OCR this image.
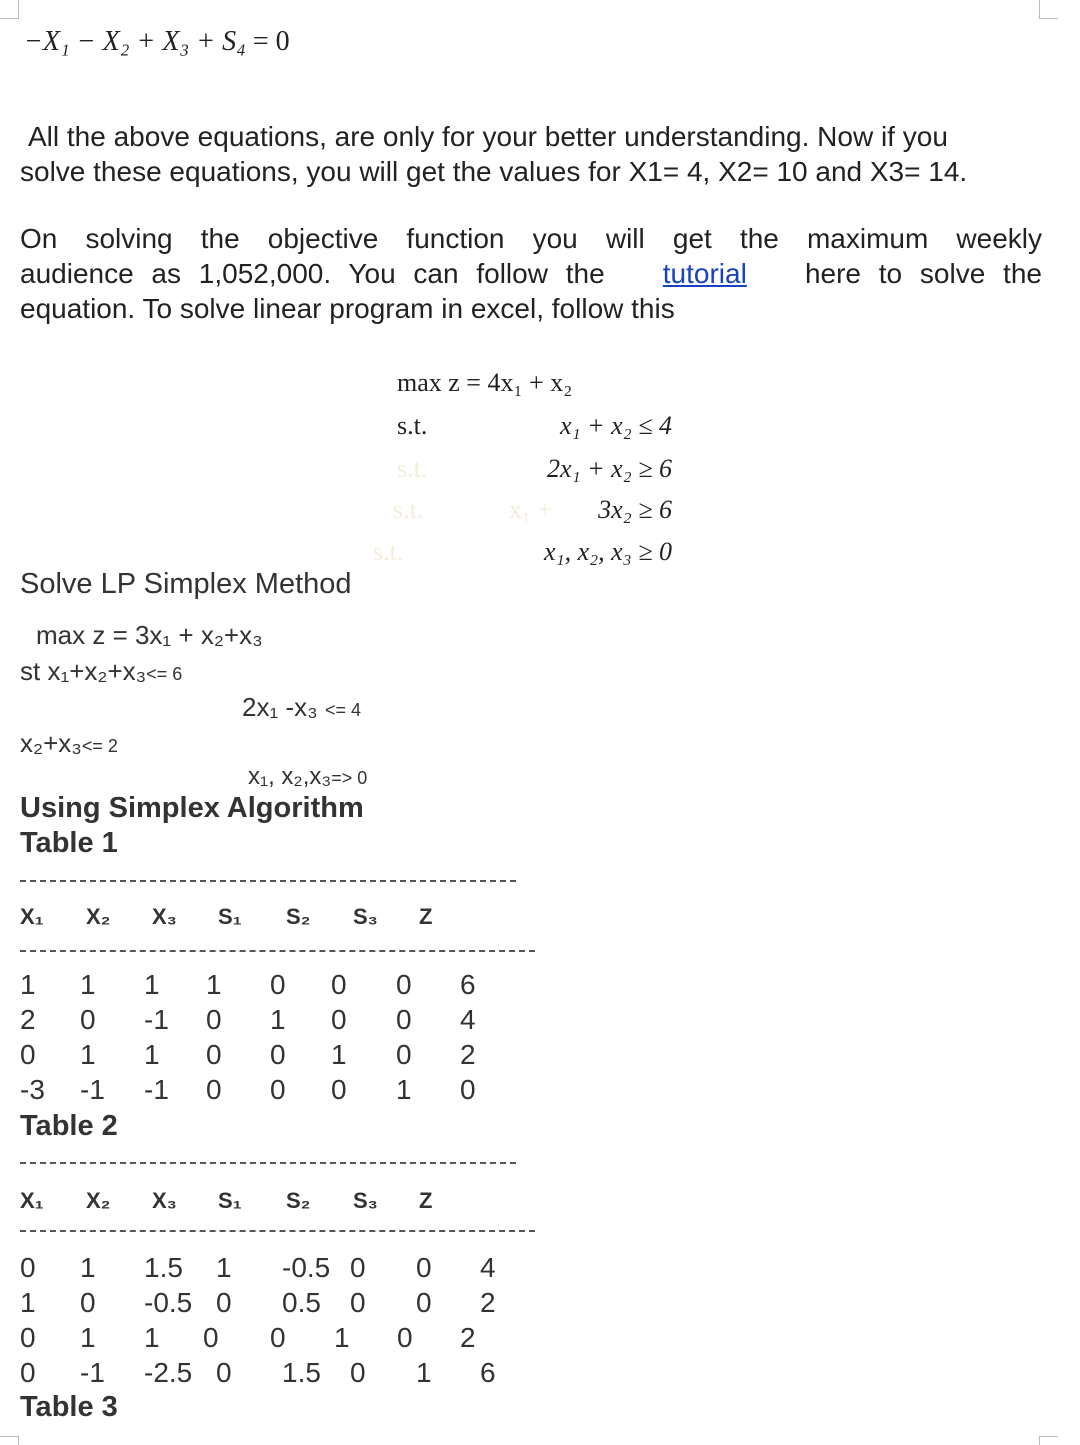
−X₁ − X₂ + X₃ + S₄ = 0
All the above equations, are only for your better understanding. Now if you
solve these equations, you will get the values for X1= 4, X2= 10 and X3= 14.
On solving the objective function you will get the maximum weekly
audience as 1,052,000. You can follow the tutorial here to solve the
equation. To solve linear program in excel, follow this
max z = 4x₁ + x₂
s.t.
s.t.
s.t.	x₁ +
s.t.
x₁ + x₂ ≤ 4
2x₁ + x₂ ≥ 6
3x₂ ≥ 6
x₁, x₂, x₃ ≥ 0
Solve LP Simplex Method
max z = 3x₁ + x₂+x₃
st x₁+x₂+x₃<= 6
2x₁ -x₃ <= 4
x₂+x₃<= 2
x₁, x₂,x₃=> 0
Using Simplex Algorithm
Table 1
X₁ X₂ X₃ S₁ S₂ S₃ Z
1 1 1 1 0 0 0 6
2 0 -1 0 1 0 0 4
0 1 1 0 0 1 0 2
-3 -1 -1 0 0 0 1 0
Table 2
X₁ X₂ X₃ S₁ S₂ S₃ Z
0 1 1.5 1 -0.5 0 0 4
1 0 -0.5 0 0.5 0 0 2
0 1 1 0 0 1 0 2
0 -1 -2.5 0 1.5 0 1 6
Table 3
